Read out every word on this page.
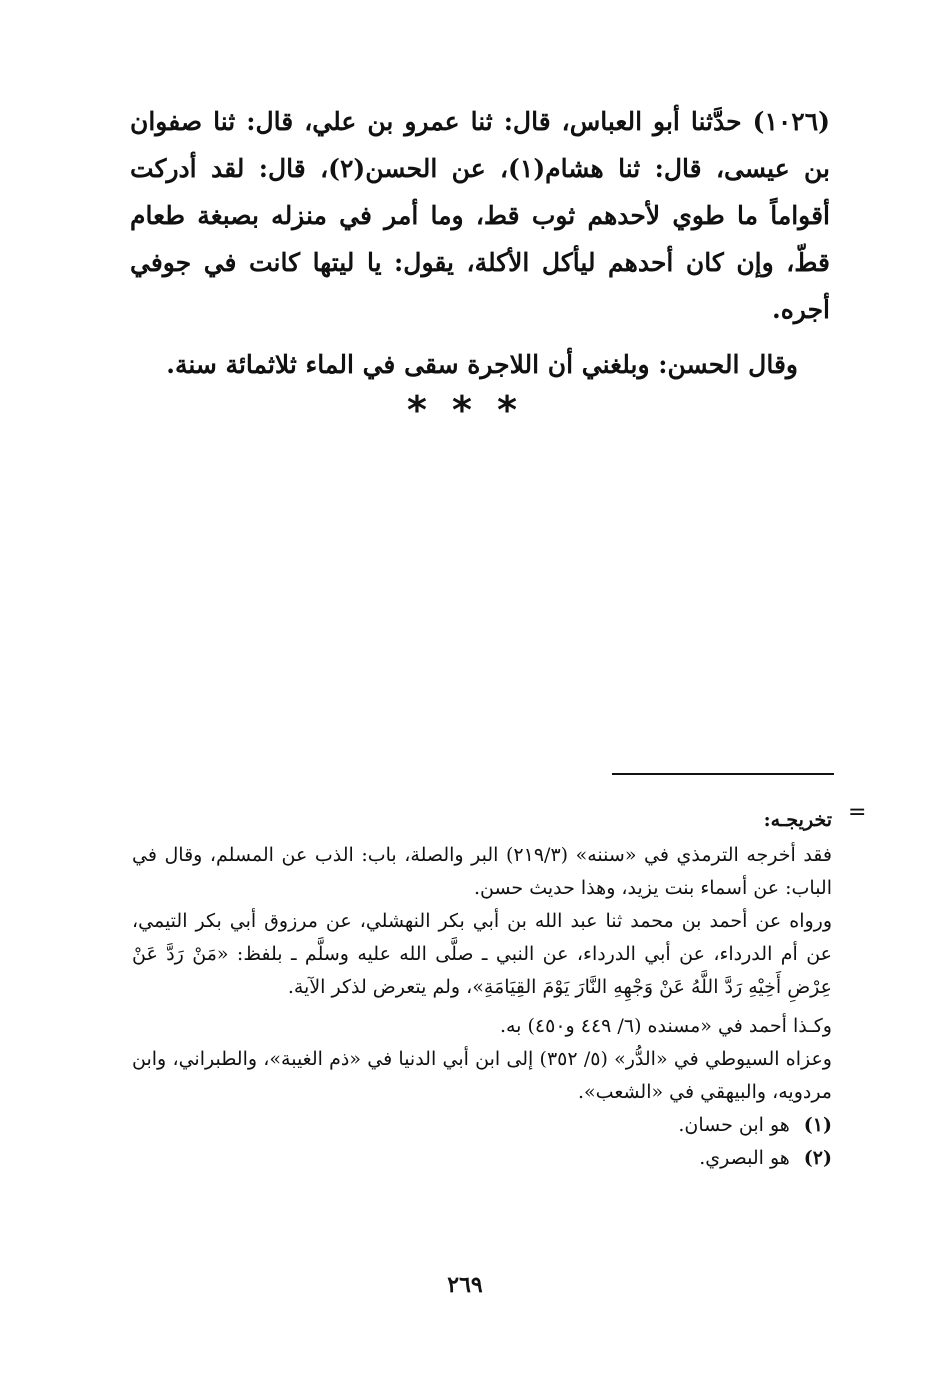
(١٠٢٦) حدَّثنا أبو العباس، قال: ثنا عمرو بن علي، قال: ثنا صفوان بن عيسى، قال: ثنا هشام(١)، عن الحسن(٢)، قال: لقد أدركت أقواماً ما طوي لأحدهم ثوب قط، وما أمر في منزله بصبغة طعام قطّ، وإن كان أحدهم ليأكل الأكلة، يقول: يا ليتها كانت في جوفي أجره.

وقال الحسن: وبلغني أن اللاجرة سقى في الماء ثلاثمائة سنة.

* * *
=

تخريجـه:

فقد أخرجه الترمذي في «سننه» (٢١٩/٣) البر والصلة، باب: الذب عن المسلم، وقال في الباب: عن أسماء بنت يزيد، وهذا حديث حسن.

ورواه عن أحمد بن محمد ثنا عبد الله بن أبي بكر النهشلي، عن مرزوق أبي بكر التيمي، عن أم الدرداء، عن أبي الدرداء، عن النبي ـ صلَّى الله عليه وسلَّم ـ بلفظ: «مَنْ رَدَّ عَنْ عِرْضِ أَخِيْهِ رَدَّ اللَّهُ عَنْ وَجْهِهِ النَّارَ يَوْمَ القِيَامَةِ»، ولم يتعرض لذكر الآية.

وكـذا أحمد في «مسنده (٦/ ٤٤٩ و٤٥٠) به.

وعزاه السيوطي في «الدُّر» (٥/ ٣٥٢) إلى ابن أبي الدنيا في «ذم الغيبة»، والطبراني، وابن مردويه، والبيهقي في «الشعب».

(١)
هو ابن حسان.
(٢)
هو البصري.
٢٦٩
